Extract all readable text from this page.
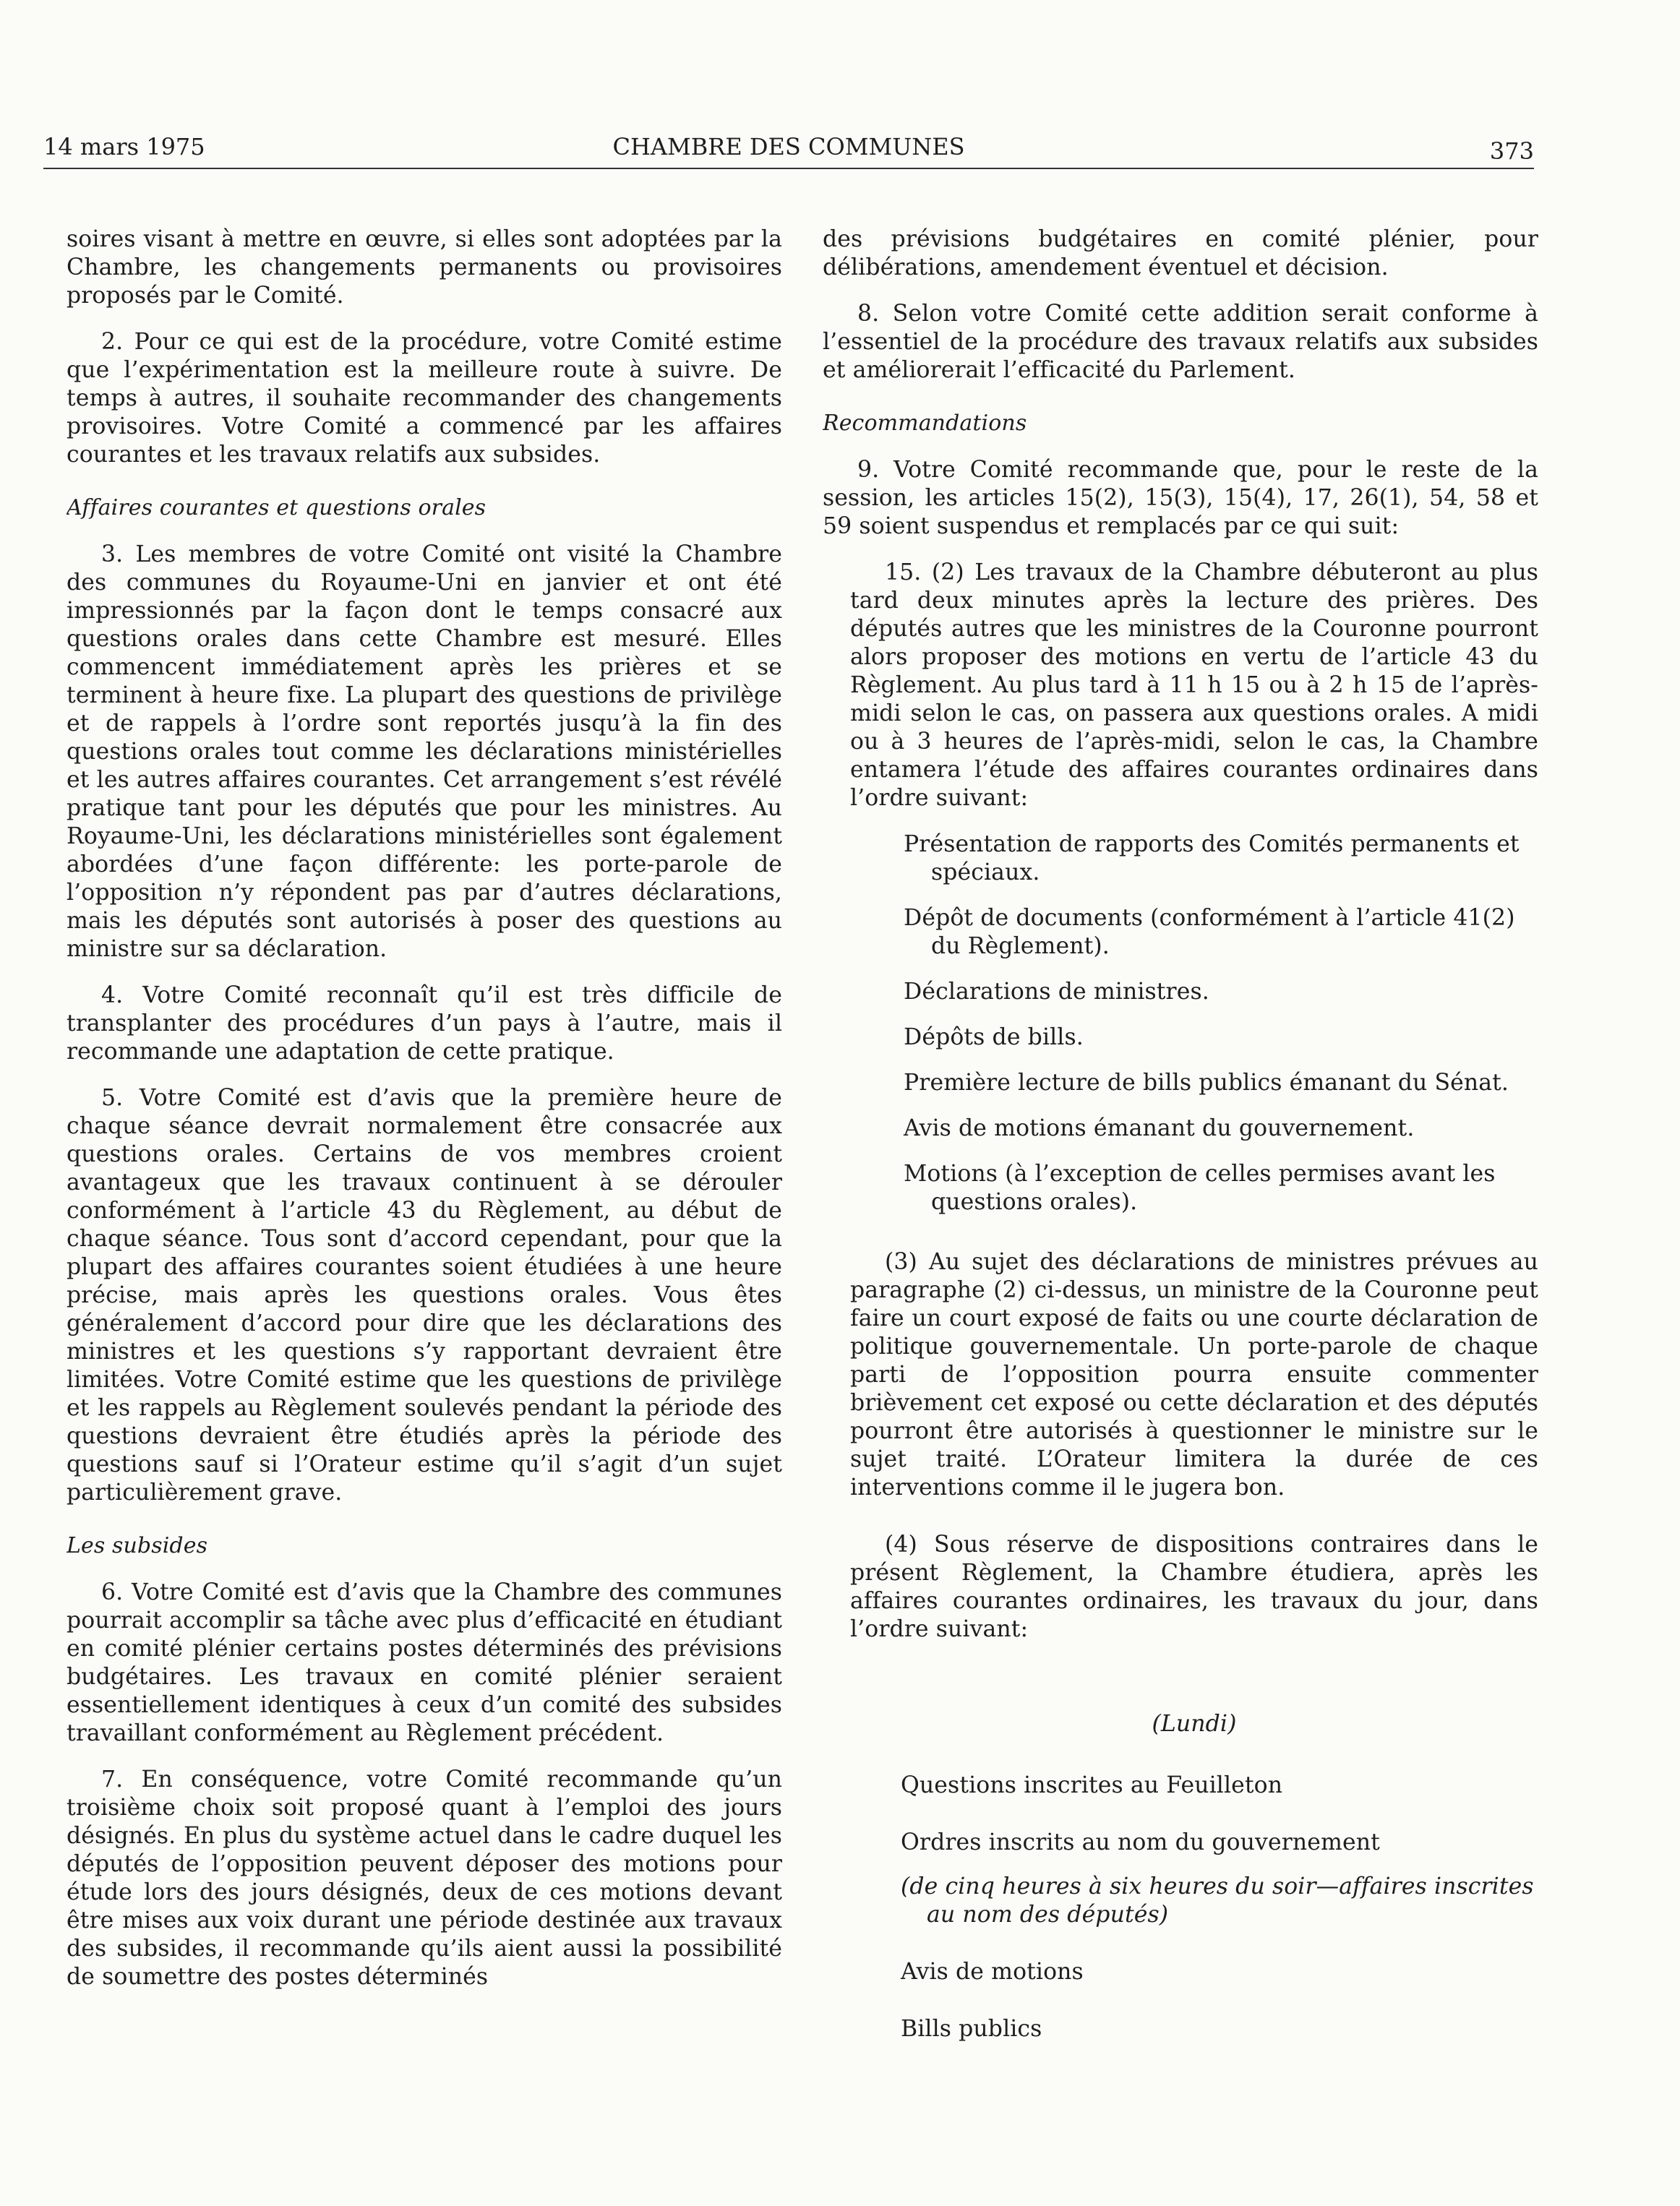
14 mars 1975	CHAMBRE DES COMMUNES	373

soires visant à mettre en œuvre, si elles sont adoptées par la Chambre, les changements permanents ou provisoires proposés par le Comité.

2. Pour ce qui est de la procédure, votre Comité estime que l’expérimentation est la meilleure route à suivre. De temps à autres, il souhaite recommander des changements provisoires. Votre Comité a commencé par les affaires courantes et les travaux relatifs aux subsides.

Affaires courantes et questions orales

3. Les membres de votre Comité ont visité la Chambre des communes du Royaume-Uni en janvier et ont été impressionnés par la façon dont le temps consacré aux questions orales dans cette Chambre est mesuré. Elles commencent immédiatement après les prières et se terminent à heure fixe. La plupart des questions de privilège et de rappels à l’ordre sont reportés jusqu’à la fin des questions orales tout comme les déclarations ministérielles et les autres affaires courantes. Cet arrangement s’est révélé pratique tant pour les députés que pour les ministres. Au Royaume-Uni, les déclarations ministérielles sont également abordées d’une façon différente: les porte-parole de l’opposition n’y répondent pas par d’autres déclarations, mais les députés sont autorisés à poser des questions au ministre sur sa déclaration.

4. Votre Comité reconnaît qu’il est très difficile de transplanter des procédures d’un pays à l’autre, mais il recommande une adaptation de cette pratique.

5. Votre Comité est d’avis que la première heure de chaque séance devrait normalement être consacrée aux questions orales. Certains de vos membres croient avantageux que les travaux continuent à se dérouler conformément à l’article 43 du Règlement, au début de chaque séance. Tous sont d’accord cependant, pour que la plupart des affaires courantes soient étudiées à une heure précise, mais après les questions orales. Vous êtes généralement d’accord pour dire que les déclarations des ministres et les questions s’y rapportant devraient être limitées. Votre Comité estime que les questions de privilège et les rappels au Règlement soulevés pendant la période des questions devraient être étudiés après la période des questions sauf si l’Orateur estime qu’il s’agit d’un sujet particulièrement grave.

Les subsides

6. Votre Comité est d’avis que la Chambre des communes pourrait accomplir sa tâche avec plus d’efficacité en étudiant en comité plénier certains postes déterminés des prévisions budgétaires. Les travaux en comité plénier seraient essentiellement identiques à ceux d’un comité des subsides travaillant conformément au Règlement précédent.

7. En conséquence, votre Comité recommande qu’un troisième choix soit proposé quant à l’emploi des jours désignés. En plus du système actuel dans le cadre duquel les députés de l’opposition peuvent déposer des motions pour étude lors des jours désignés, deux de ces motions devant être mises aux voix durant une période destinée aux travaux des subsides, il recommande qu’ils aient aussi la possibilité de soumettre des postes déterminés

des prévisions budgétaires en comité plénier, pour délibérations, amendement éventuel et décision.

8. Selon votre Comité cette addition serait conforme à l’essentiel de la procédure des travaux relatifs aux subsides et améliorerait l’efficacité du Parlement.

Recommandations

9. Votre Comité recommande que, pour le reste de la session, les articles 15(2), 15(3), 15(4), 17, 26(1), 54, 58 et 59 soient suspendus et remplacés par ce qui suit:

15. (2) Les travaux de la Chambre débuteront au plus tard deux minutes après la lecture des prières. Des députés autres que les ministres de la Couronne pourront alors proposer des motions en vertu de l’article 43 du Règlement. Au plus tard à 11 h 15 ou à 2 h 15 de l’après-midi selon le cas, on passera aux questions orales. A midi ou à 3 heures de l’après-midi, selon le cas, la Chambre entamera l’étude des affaires courantes ordinaires dans l’ordre suivant:

Présentation de rapports des Comités permanents et spéciaux.

Dépôt de documents (conformément à l’article 41(2) du Règlement).

Déclarations de ministres.

Dépôts de bills.

Première lecture de bills publics émanant du Sénat.

Avis de motions émanant du gouvernement.

Motions (à l’exception de celles permises avant les questions orales).

(3) Au sujet des déclarations de ministres prévues au paragraphe (2) ci-dessus, un ministre de la Couronne peut faire un court exposé de faits ou une courte déclaration de politique gouvernementale. Un porte-parole de chaque parti de l’opposition pourra ensuite commenter brièvement cet exposé ou cette déclaration et des députés pourront être autorisés à questionner le ministre sur le sujet traité. L’Orateur limitera la durée de ces interventions comme il le jugera bon.

(4) Sous réserve de dispositions contraires dans le présent Règlement, la Chambre étudiera, après les affaires courantes ordinaires, les travaux du jour, dans l’ordre suivant:

(Lundi)
Questions inscrites au Feuilleton
Ordres inscrits au nom du gouvernement
(de cinq heures à six heures du soir—affaires inscrites au nom des députés)
Avis de motions
Bills publics
